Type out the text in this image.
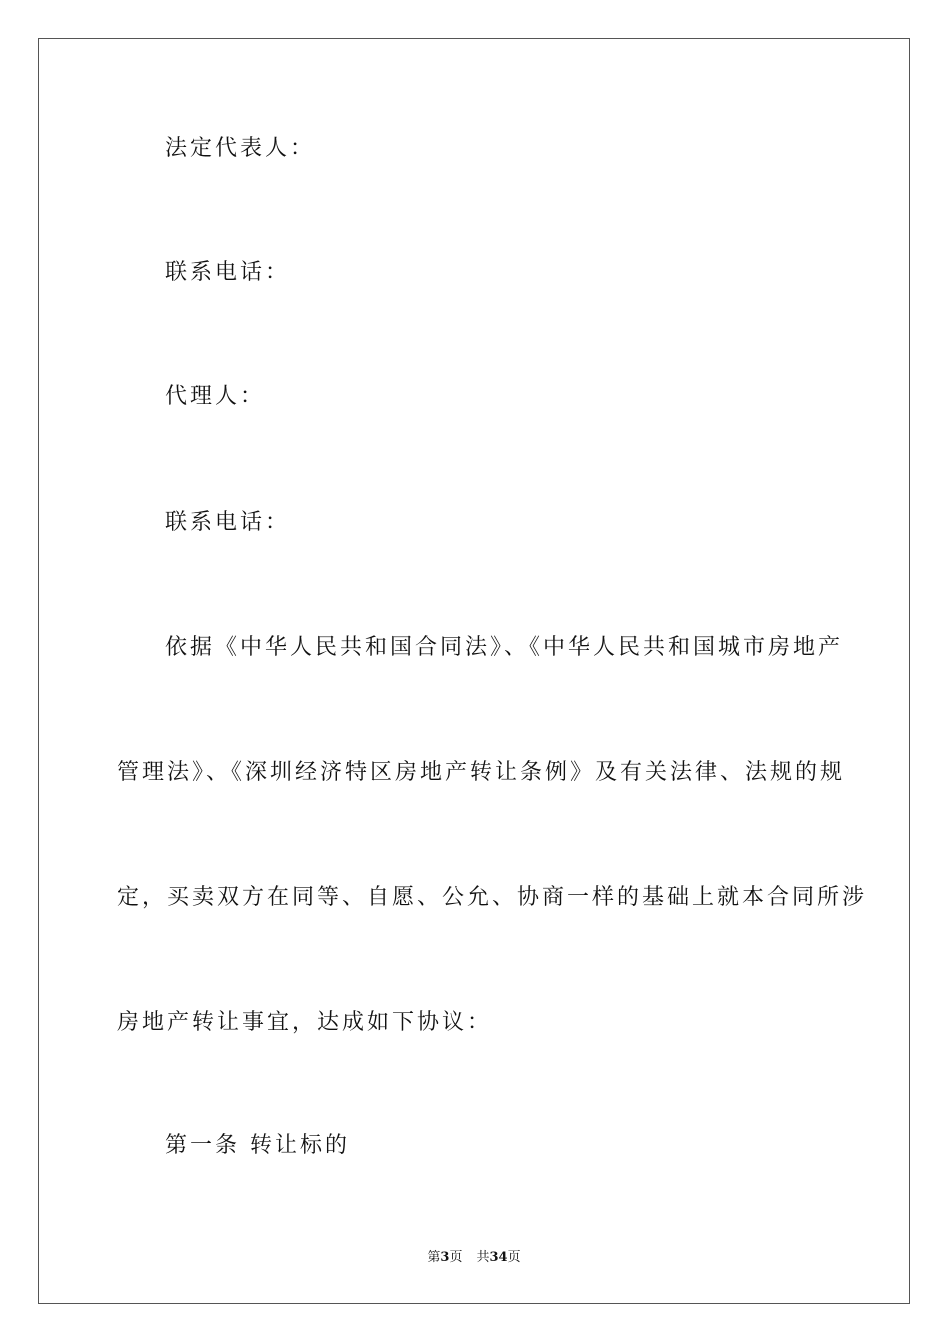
法定代表人：
联系电话：
代理人：
联系电话：
依据《中华人民共和国合同法》、《中华人民共和国城市房地产
管理法》、《深圳经济特区房地产转让条例》及有关法律、法规的规
定，买卖双方在同等、自愿、公允、协商一样的基础上就本合同所涉
房地产转让事宜，达成如下协议：
第一条 转让标的
第3页 共34页
